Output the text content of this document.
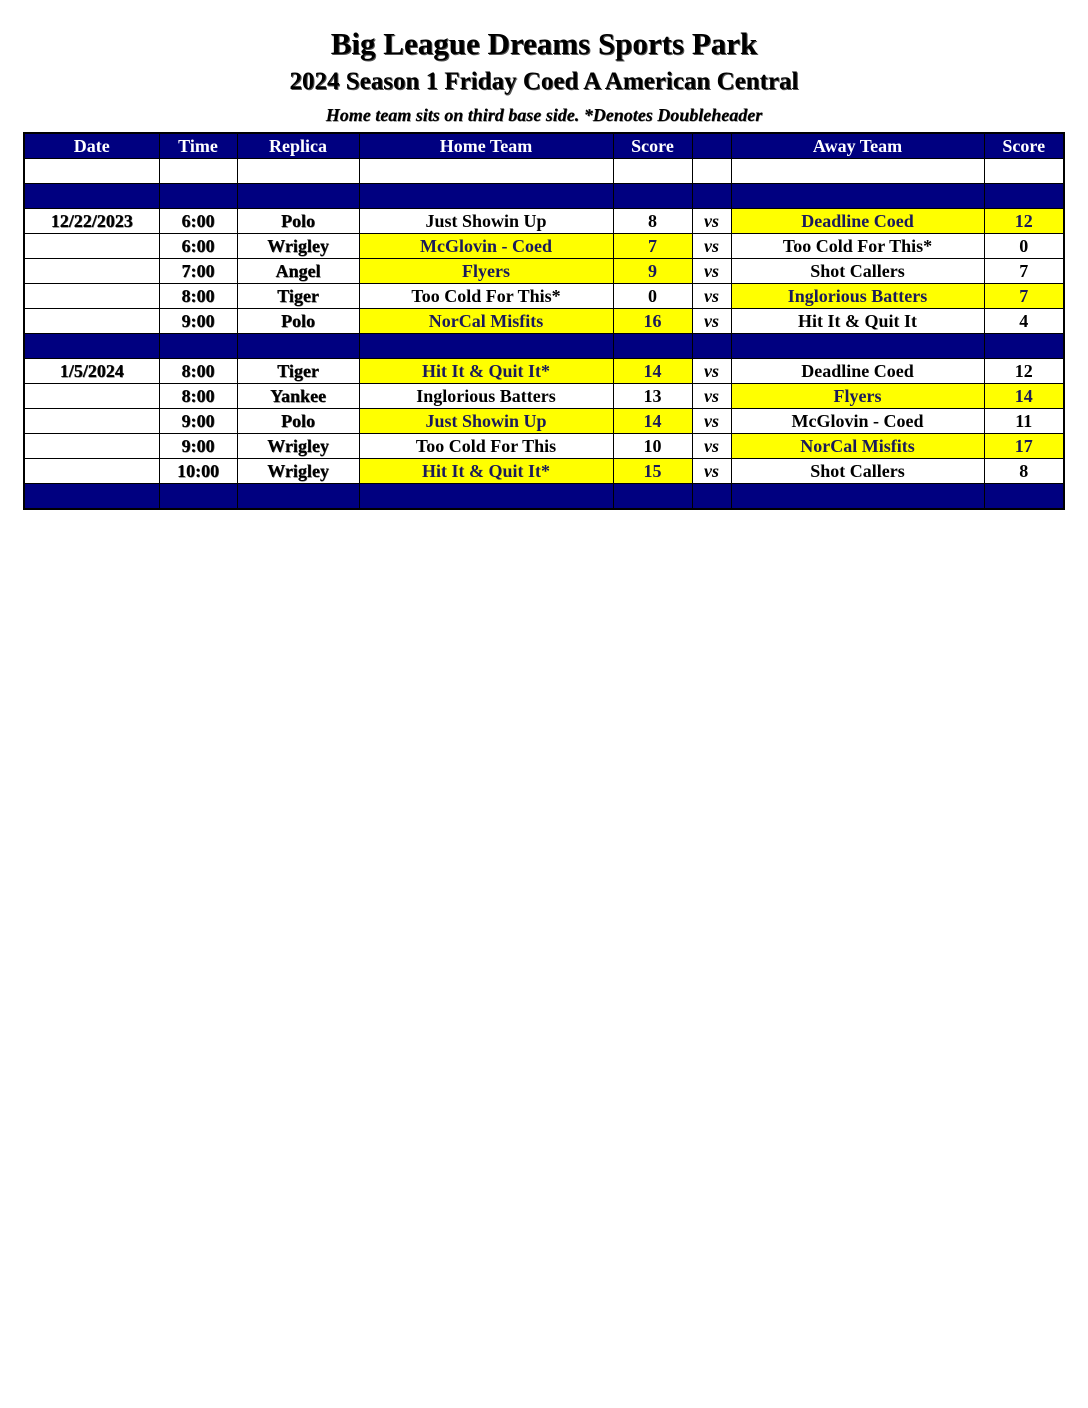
Big League Dreams Sports Park
2024 Season 1 Friday Coed A American Central
Home team sits on third base side. *Denotes Doubleheader
Date	Time	Replica	Home Team	Score		Away Team	Score

12/22/2023	6:00	Polo	Just Showin Up	8	vs	Deadline Coed	12
	6:00	Wrigley	McGlovin - Coed	7	vs	Too Cold For This*	0
	7:00	Angel	Flyers	9	vs	Shot Callers	7
	8:00	Tiger	Too Cold For This*	0	vs	Inglorious Batters	7
	9:00	Polo	NorCal Misfits	16	vs	Hit It & Quit It	4

1/5/2024	8:00	Tiger	Hit It & Quit It*	14	vs	Deadline Coed	12
	8:00	Yankee	Inglorious Batters	13	vs	Flyers	14
	9:00	Polo	Just Showin Up	14	vs	McGlovin - Coed	11
	9:00	Wrigley	Too Cold For This	10	vs	NorCal Misfits	17
	10:00	Wrigley	Hit It & Quit It*	15	vs	Shot Callers	8
